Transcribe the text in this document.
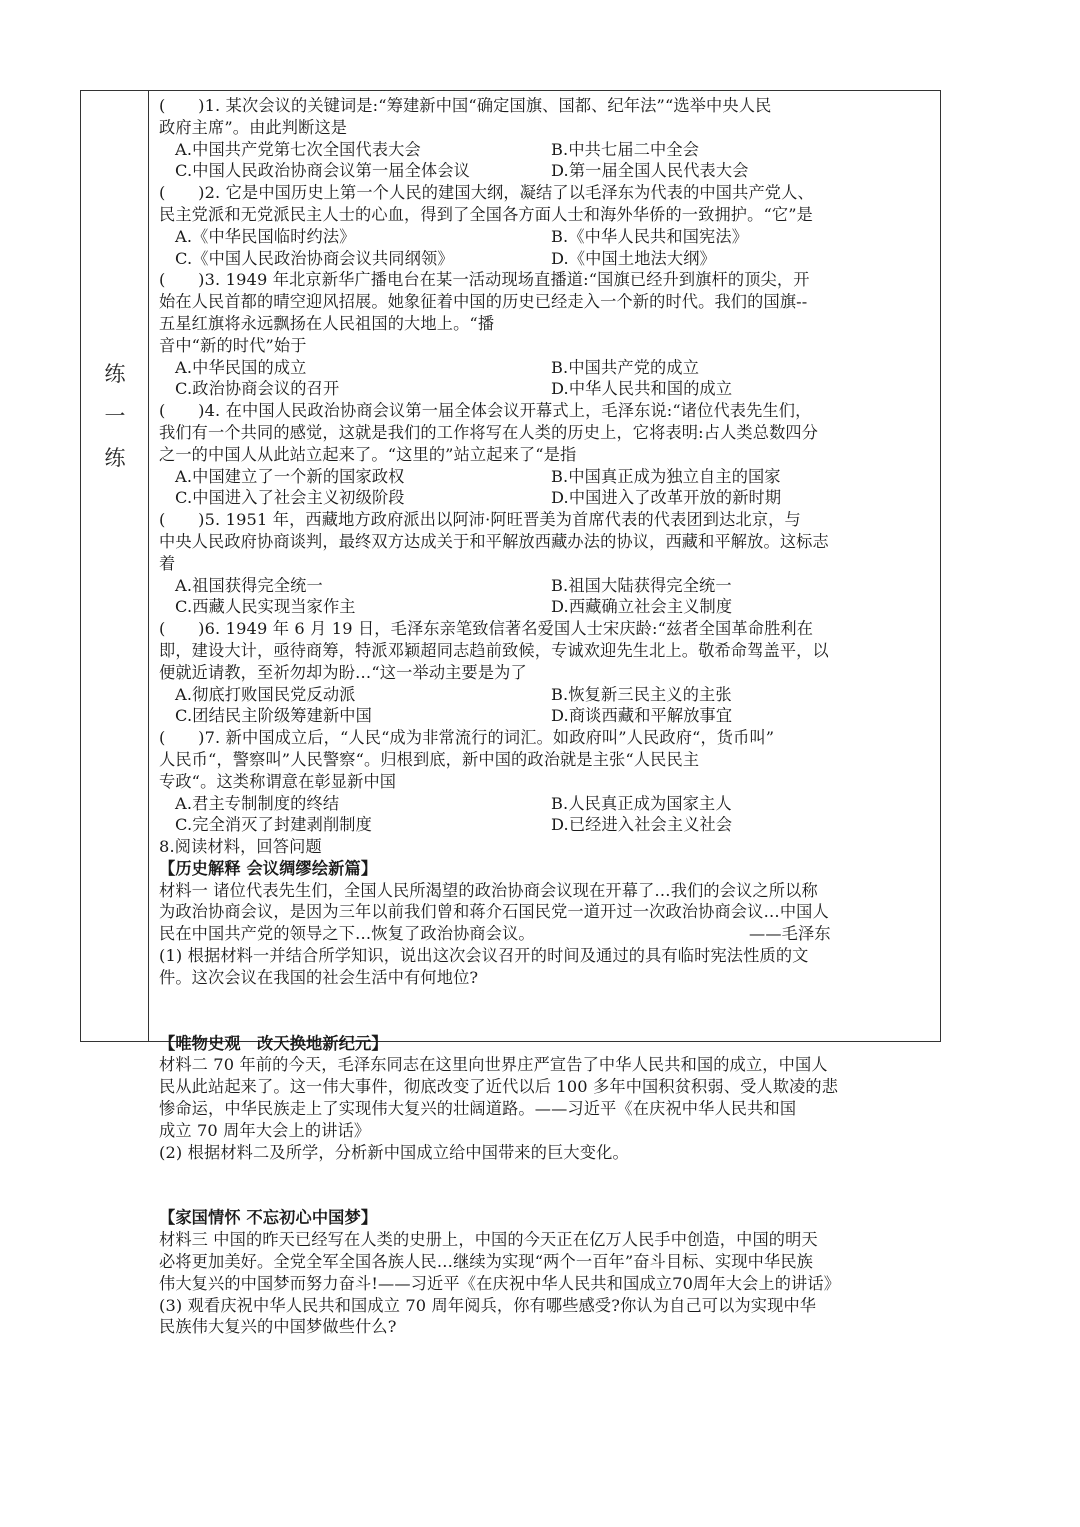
练
一
练
(　　)1. 某次会议的关键词是:“筹建新中国“确定国旗、国都、纪年法”“选举中央人民
政府主席”。由此判断这是
A.中国共产党第七次全国代表大会	B.中共七届二中全会
C.中国人民政治协商会议第一届全体会议	D.第一届全国人民代表大会
(　　)2. 它是中国历史上第一个人民的建国大纲，凝结了以毛泽东为代表的中国共产党人、
民主党派和无党派民主人士的心血，得到了全国各方面人士和海外华侨的一致拥护。“它”是
A.《中华民国临时约法》	B.《中华人民共和国宪法》
C.《中国人民政治协商会议共同纲领》	D.《中国土地法大纲》
(　　)3. 1949 年北京新华广播电台在某一活动现场直播道:“国旗已经升到旗杆的顶尖，开
始在人民首都的晴空迎风招展。她象征着中国的历史已经走入一个新的时代。我们的国旗--
五星红旗将永远飘扬在人民祖国的大地上。“播
音中“新的时代”始于
A.中华民国的成立	B.中国共产党的成立
C.政治协商会议的召开	D.中华人民共和国的成立
(　　)4. 在中国人民政治协商会议第一届全体会议开幕式上，毛泽东说:“诸位代表先生们，
我们有一个共同的感觉，这就是我们的工作将写在人类的历史上，它将表明:占人类总数四分
之一的中国人从此站立起来了。“这里的”站立起来了“是指
A.中国建立了一个新的国家政权	B.中国真正成为独立自主的国家
C.中国进入了社会主义初级阶段	D.中国进入了改革开放的新时期
(　　)5. 1951 年，西藏地方政府派出以阿沛·阿旺晋美为首席代表的代表团到达北京，与
中央人民政府协商谈判，最终双方达成关于和平解放西藏办法的协议，西藏和平解放。这标志
着
A.祖国获得完全统一	B.祖国大陆获得完全统一
C.西藏人民实现当家作主	D.西藏确立社会主义制度
(　　)6. 1949 年 6 月 19 日，毛泽东亲笔致信著名爱国人士宋庆龄:“兹者全国革命胜利在
即，建设大计，亟待商筹，特派邓颖超同志趋前致候，专诚欢迎先生北上。敬希命驾盖平，以
便就近请教，至祈勿却为盼…“这一举动主要是为了
A.彻底打败国民党反动派	B.恢复新三民主义的主张
C.团结民主阶级筹建新中国	D.商谈西藏和平解放事宜
(　　)7. 新中国成立后，“人民“成为非常流行的词汇。如政府叫”人民政府“，货币叫”
人民币“，警察叫”人民警察“。归根到底，新中国的政治就是主张“人民民主
专政“。这类称谓意在彰显新中国
A.君主专制制度的终结	B.人民真正成为国家主人
C.完全消灭了封建剥削制度	D.已经进入社会主义社会
8.阅读材料，回答问题
【历史解释 会议绸缪绘新篇】
材料一 诸位代表先生们，全国人民所渴望的政治协商会议现在开幕了…我们的会议之所以称
为政治协商会议，是因为三年以前我们曾和蒋介石国民党一道开过一次政治协商会议…中国人
民在中国共产党的领导之下…恢复了政治协商会议。	——毛泽东
(1) 根据材料一并结合所学知识，说出这次会议召开的时间及通过的具有临时宪法性质的文
件。这次会议在我国的社会生活中有何地位?
【唯物史观　改天换地新纪元】
材料二 70 年前的今天，毛泽东同志在这里向世界庄严宣告了中华人民共和国的成立，中国人
民从此站起来了。这一伟大事件，彻底改变了近代以后 100 多年中国积贫积弱、受人欺凌的悲
惨命运，中华民族走上了实现伟大复兴的壮阔道路。——习近平《在庆祝中华人民共和国
成立 70 周年大会上的讲话》
(2) 根据材料二及所学，分析新中国成立给中国带来的巨大变化。
【家国情怀 不忘初心中国梦】
材料三 中国的昨天已经写在人类的史册上，中国的今天正在亿万人民手中创造，中国的明天
必将更加美好。全党全军全国各族人民…继续为实现“两个一百年”奋斗目标、实现中华民族
伟大复兴的中国梦而努力奋斗!——习近平《在庆祝中华人民共和国成立70周年大会上的讲话》
(3) 观看庆祝中华人民共和国成立 70 周年阅兵，你有哪些感受?你认为自己可以为实现中华
民族伟大复兴的中国梦做些什么?
